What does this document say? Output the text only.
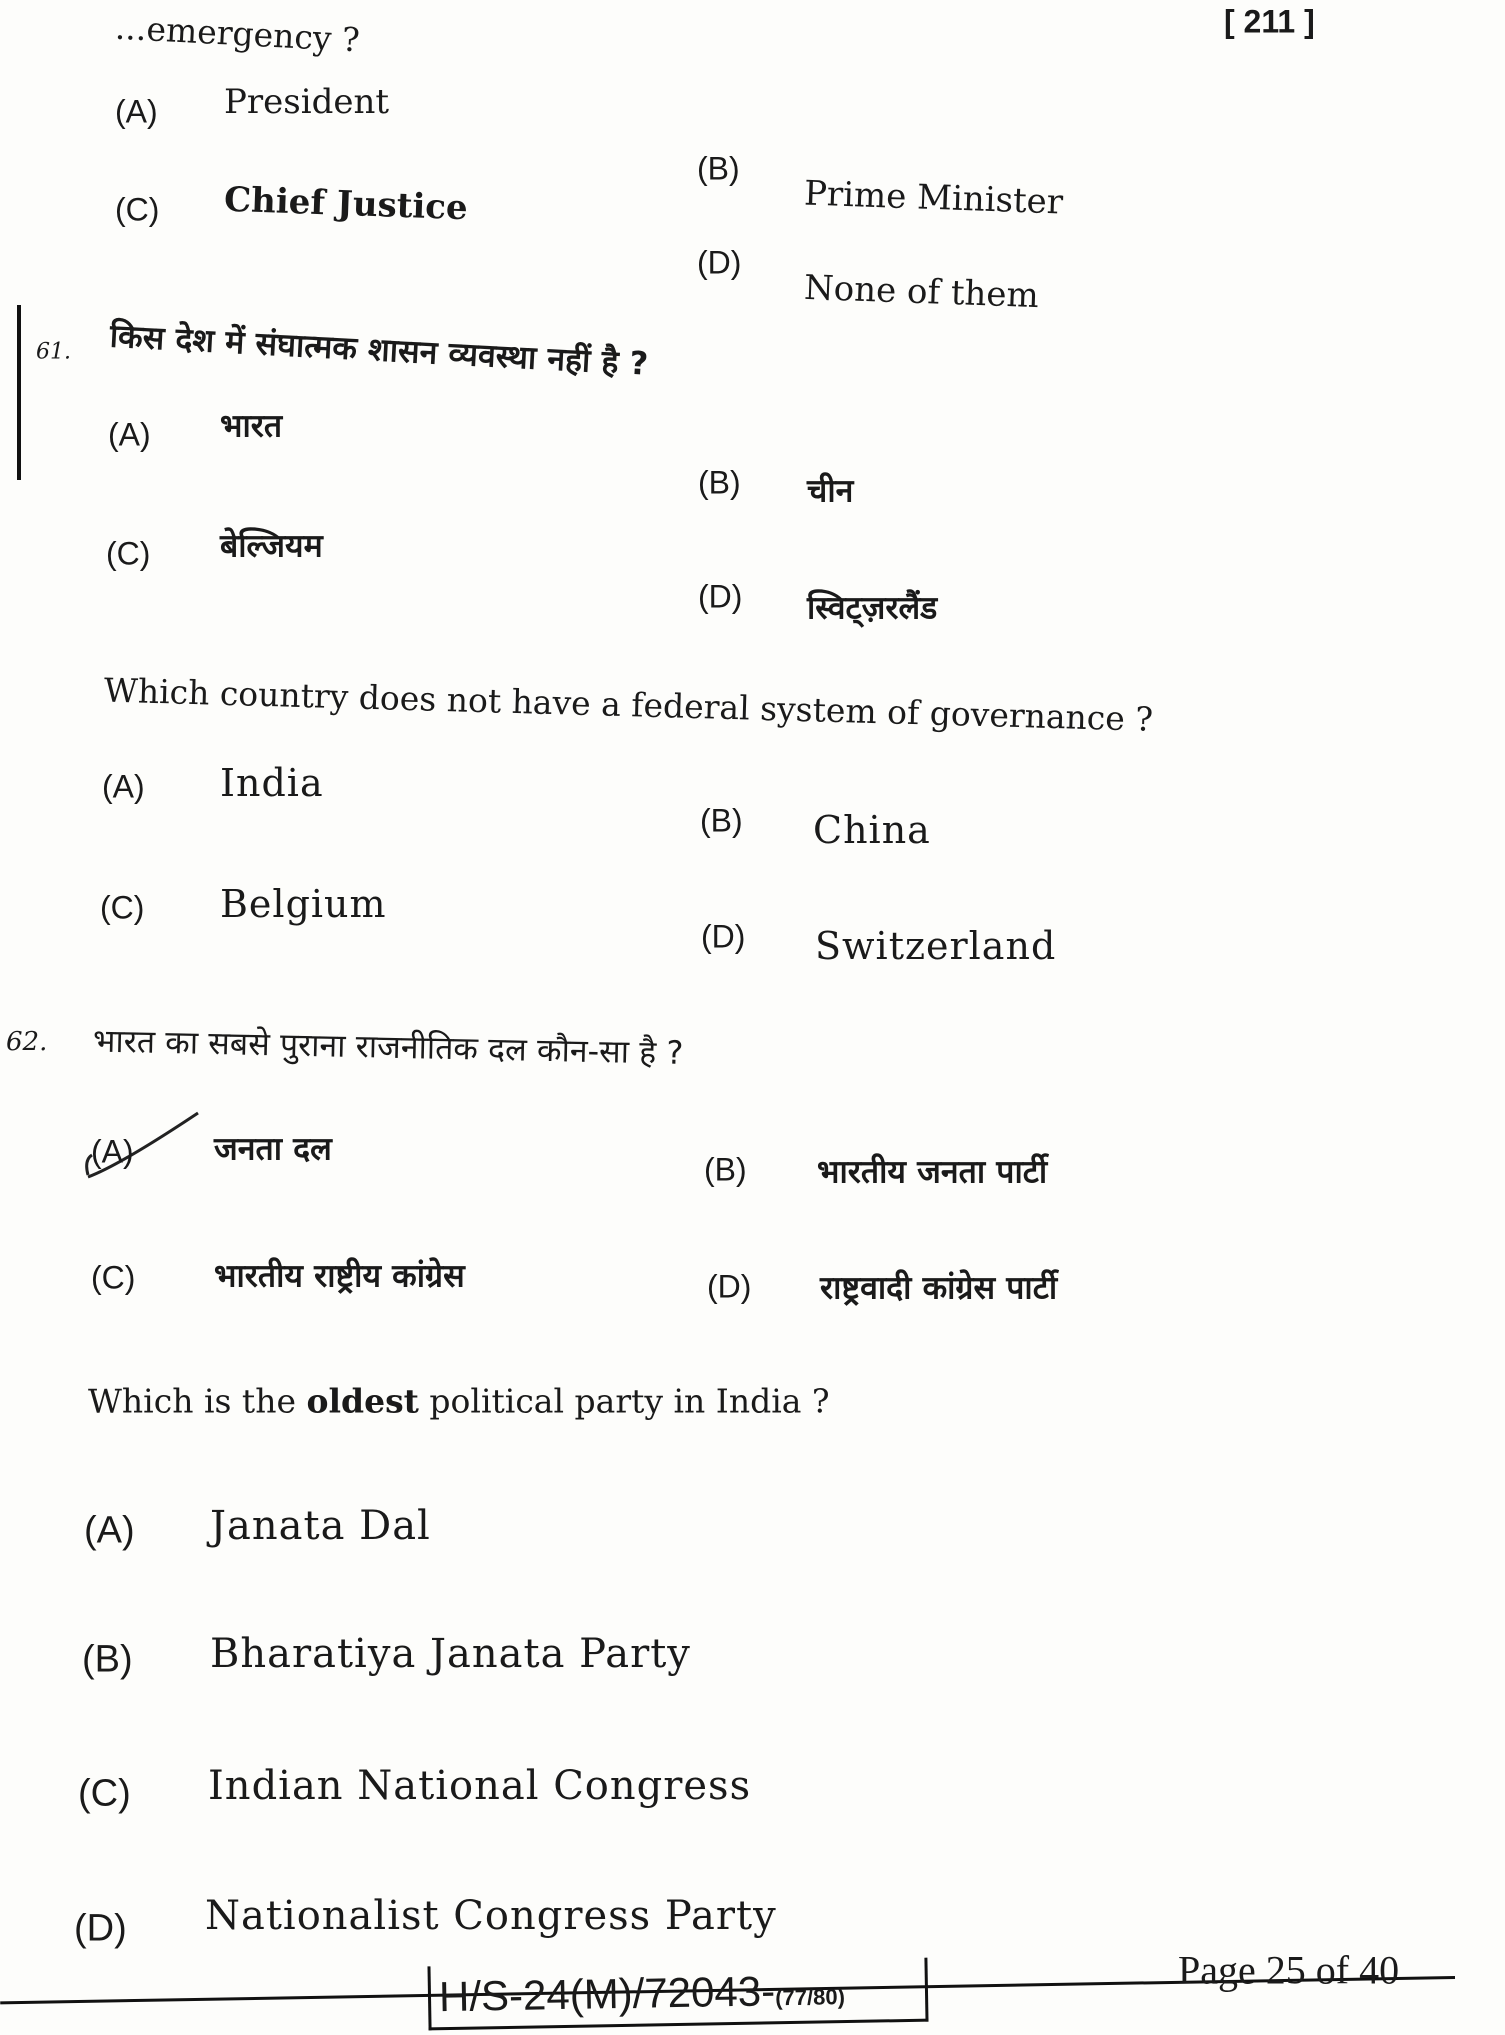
...emergency ?	[ 211 ]
(A) President
(B)
Prime Minister
(C) Chief Justice
(D)
None of them
61. किस देश में संघात्मक शासन व्यवस्था नहीं है ?
(A) भारत
(B) चीन
(C) बेल्जियम
(D) स्विट्ज़रलैंड
Which country does not have a federal system of governance ?
(A) India
(B) China
(C) Belgium
(D) Switzerland
62. भारत का सबसे पुराना राजनीतिक दल कौन-सा है ?
(A)	जनता दल
(B) भारतीय जनता पार्टी
(C) भारतीय राष्ट्रीय कांग्रेस	(D) राष्ट्रवादी कांग्रेस पार्टी
Which is the oldest political party in India ?
(A) Janata Dal
(B) Bharatiya Janata Party
(C) Indian National Congress
(D) Nationalist Congress Party
H/S-24(M)/72043-(77/80)
Page 25 of 40
